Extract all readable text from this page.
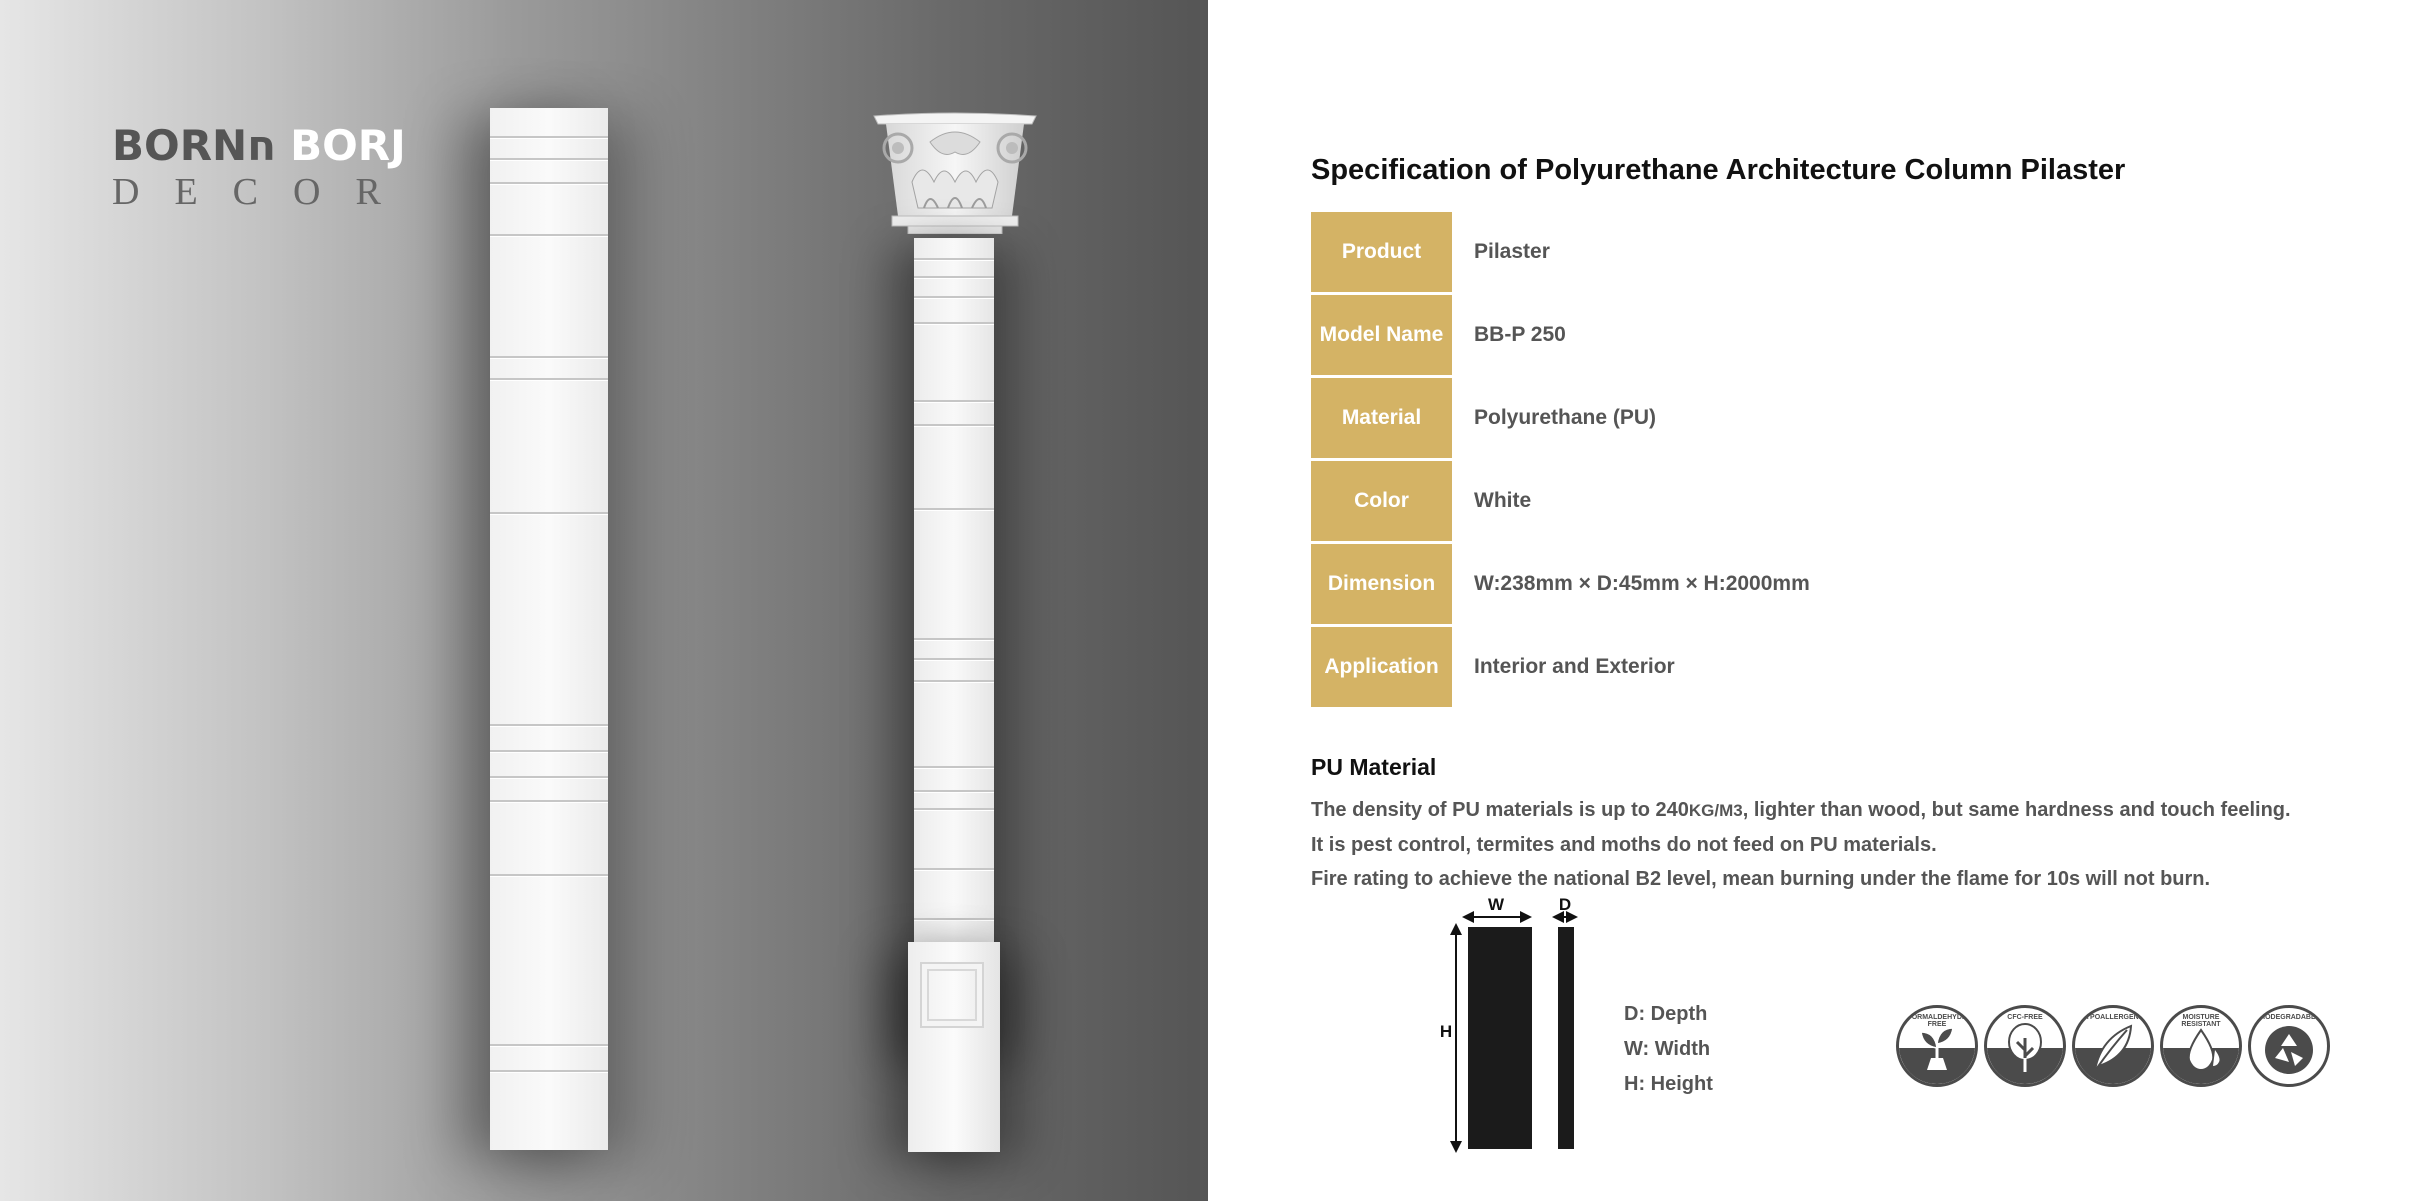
BORNח BORJ
DECOR
Specification of Polyurethane Architecture Column Pilaster
Product	Pilaster
Model Name	BB-P 250
Material	Polyurethane (PU)
Color	White
Dimension	W:238mm × D:45mm × H:2000mm
Application	Interior and Exterior
PU Material
The density of PU materials is up to 240KG/M3, lighter than wood, but same hardness and touch feeling.
It is pest control, termites and moths do not feed on PU materials.
Fire rating to achieve the national B2 level, mean burning under the flame for 10s will not burn.
W	D
H
D: Depth
W: Width
H: Height
FORMALDEHYDE FREE
CFC-FREE	HYPOALLERGENIC	MOISTURE RESISTANT
BIODEGRADABLE
